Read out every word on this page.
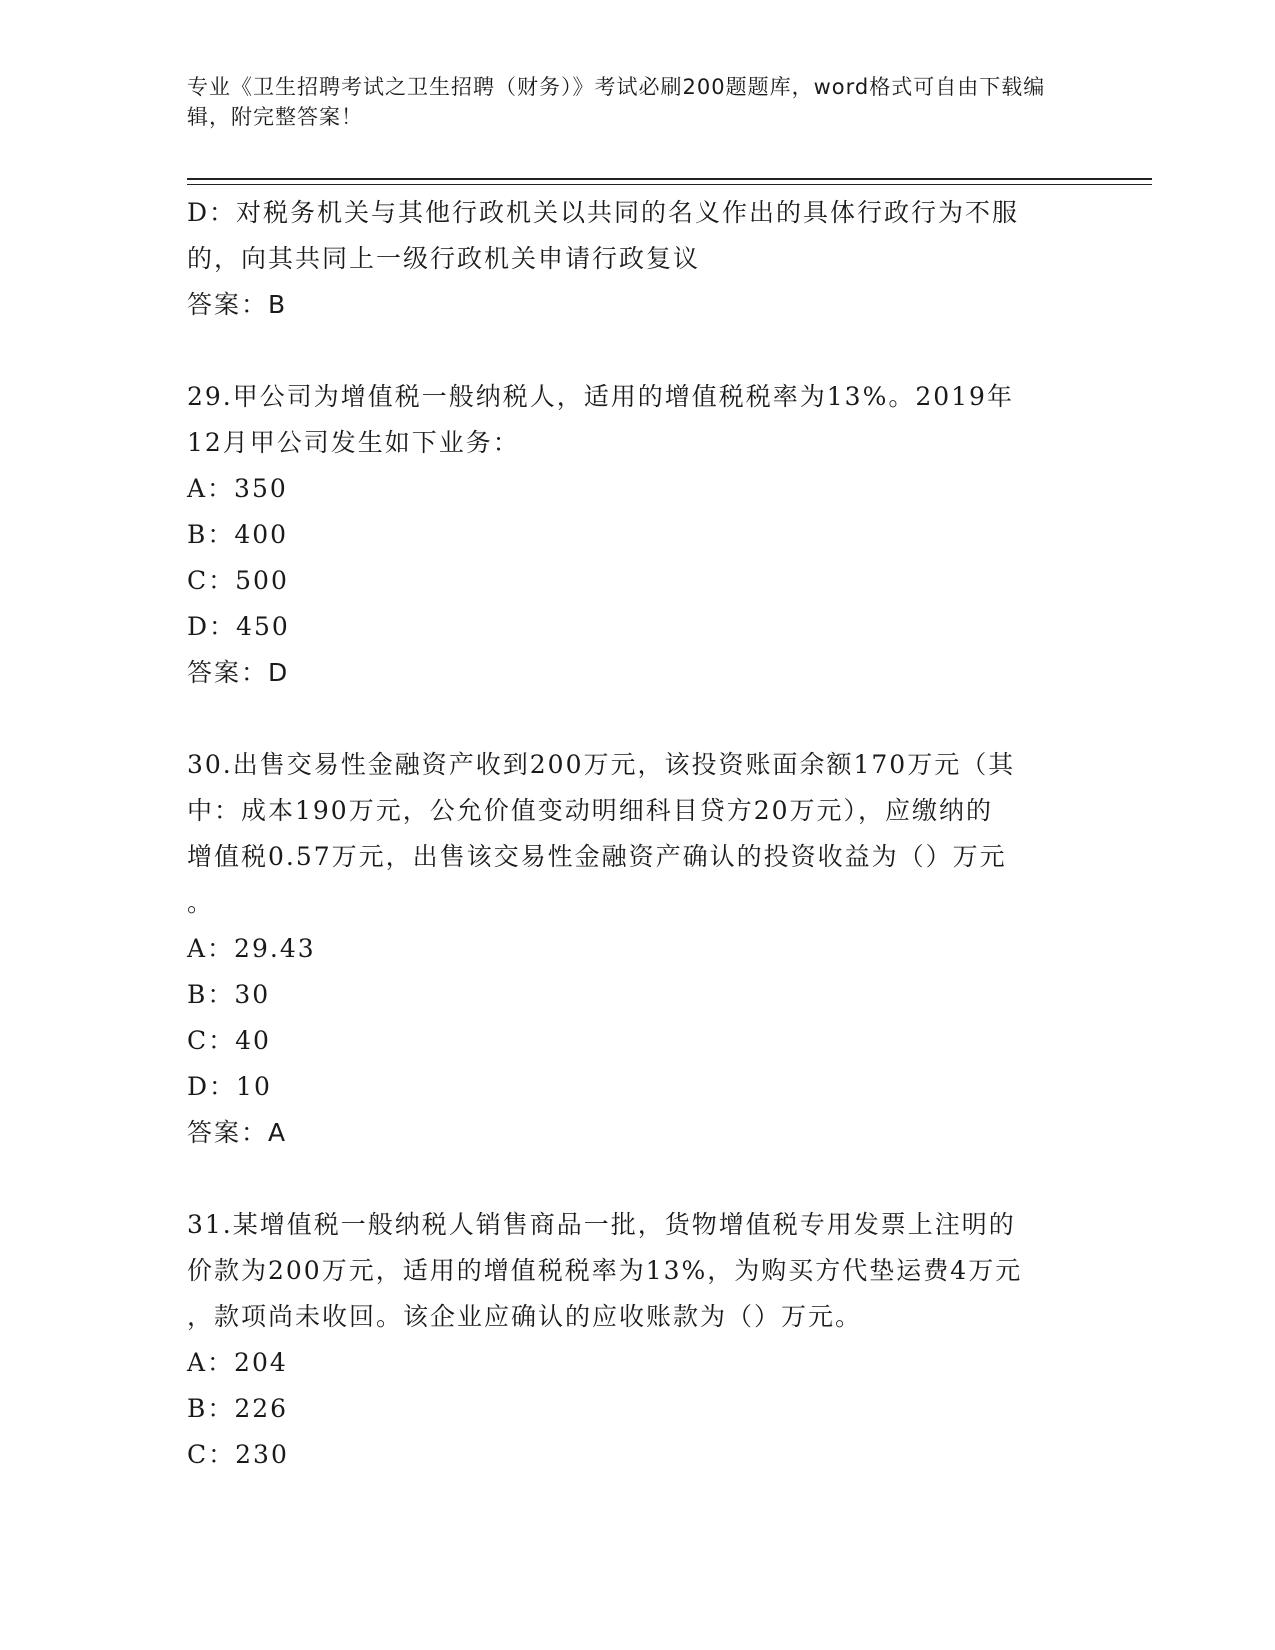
专业《卫生招聘考试之卫生招聘（财务）》考试必刷200题题库，word格式可自由下载编辑，附完整答案！

D：对税务机关与其他行政机关以共同的名义作出的具体行政行为不服

的，向其共同上一级行政机关申请行政复议

答案：B

29.甲公司为增值税一般纳税人，适用的增值税税率为13%。2019年

12月甲公司发生如下业务：

A：350

B：400

C：500

D：450

答案：D

30.出售交易性金融资产收到200万元，该投资账面余额170万元（其

中：成本190万元，公允价值变动明细科目贷方20万元），应缴纳的

增值税0.57万元，出售该交易性金融资产确认的投资收益为（）万元

。

A：29.43

B：30

C：40

D：10

答案：A

31.某增值税一般纳税人销售商品一批，货物增值税专用发票上注明的

价款为200万元，适用的增值税税率为13%，为购买方代垫运费4万元

，款项尚未收回。该企业应确认的应收账款为（）万元。

A：204

B：226

C：230
